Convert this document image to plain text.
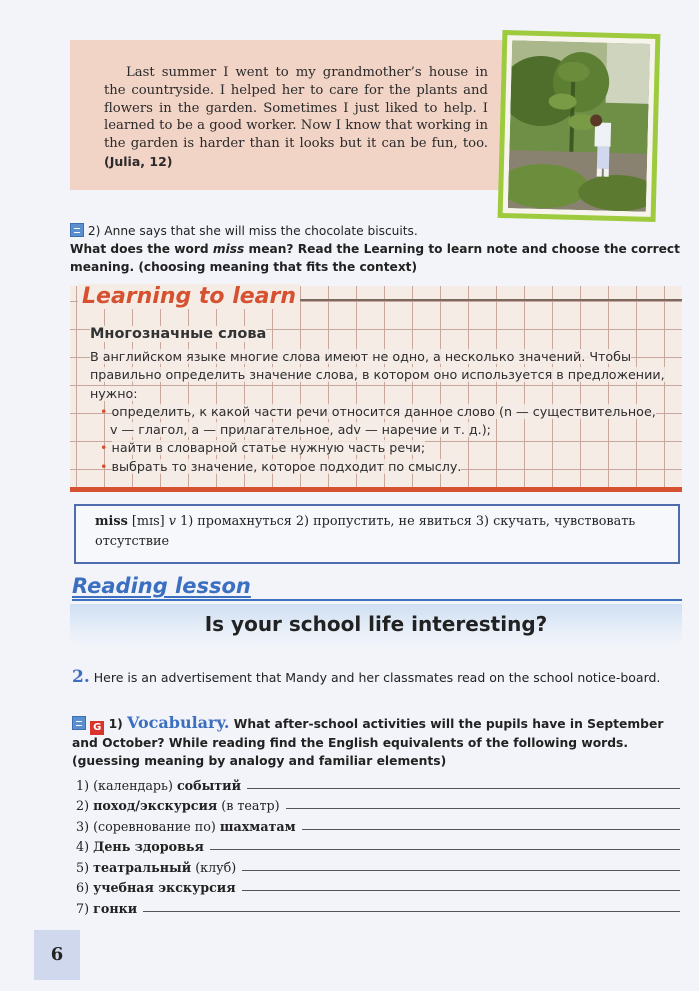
Last summer I went to my grandmother’s house in the countryside. I helped her to care for the plants and flowers in the garden. Sometimes I just liked to help. I learned to be a good worker. Now I know that working in the garden is harder than it looks but it can be fun, too. (Julia, 12)
2) Anne says that she will miss the chocolate biscuits.
What does the word miss mean? Read the Learning to learn note and choose the correct meaning. (choosing meaning that fits the context)
Learning to learn
Многозначные слова
В английском языке многие слова имеют не одно, а несколько значений. Чтобы правильно определить значение слова, в котором оно используется в предложении, нужно:
• определить, к какой части речи относится данное слово (n — существительное, v — глагол, a — прилагательное, adv — наречие и т. д.);
• найти в словарной статье нужную часть речи;
• выбрать то значение, которое подходит по смыслу.
miss [mɪs] v 1) промахнуться 2) пропустить, не явиться 3) скучать, чувствовать отсутствие
Reading lesson
Is your school life interesting?
2. Here is an advertisement that Mandy and her classmates read on the school notice-board.
G 1) Vocabulary. What after-school activities will the pupils have in September and October? While reading find the English equivalents of the following words. (guessing meaning by analogy and familiar elements)
1) (календарь) событий
2) поход/экскурсия (в театр)
3) (соревнование по) шахматам
4) День здоровья
5) театральный (клуб)
6) учебная экскурсия
7) гонки
6
